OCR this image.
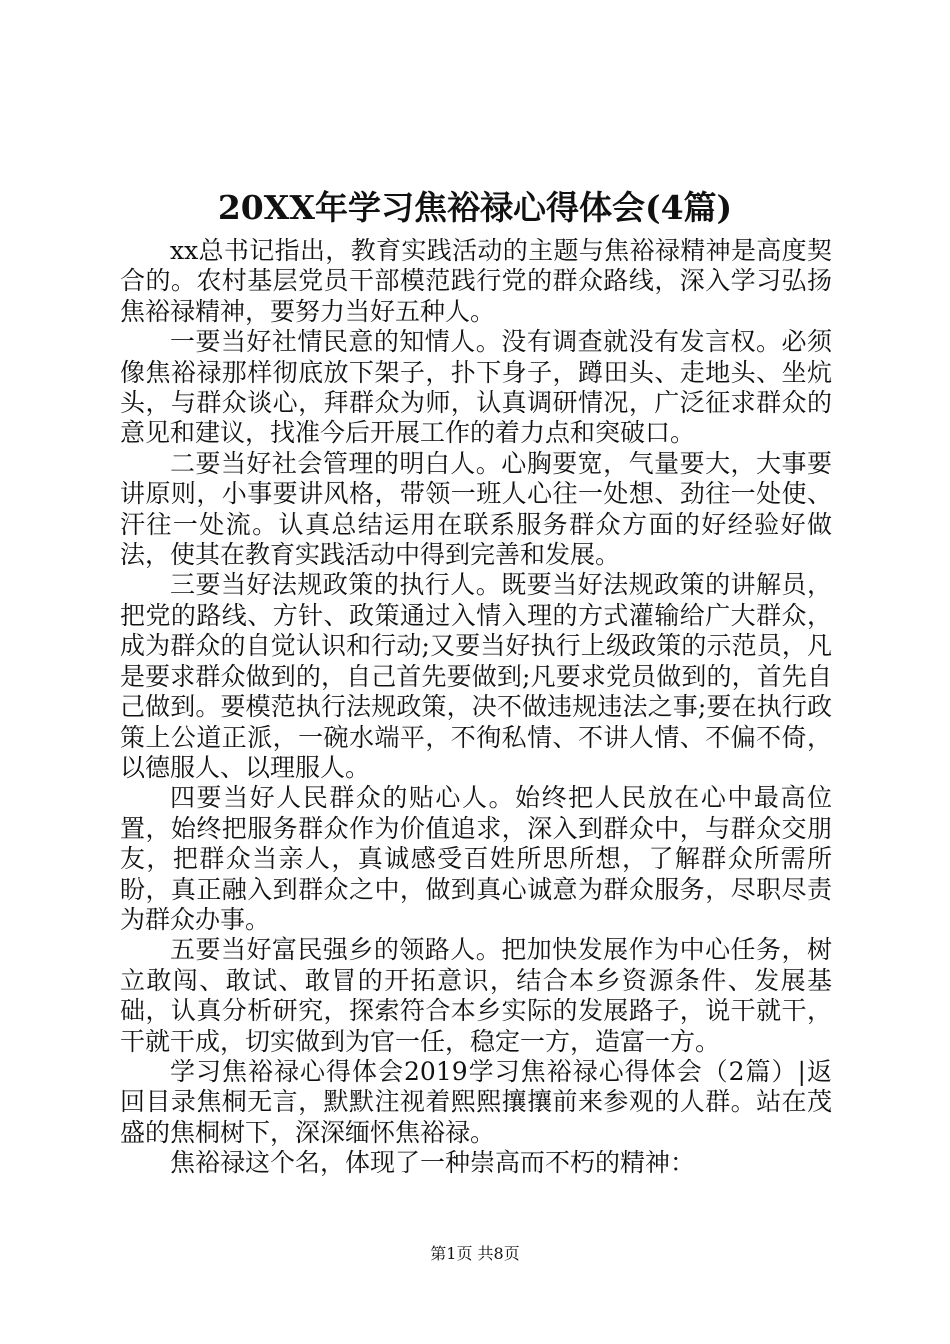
20XX年学习焦裕禄心得体会(4篇)

xx总书记指出，教育实践活动的主题与焦裕禄精神是高度契合的。农村基层党员干部模范践行党的群众路线，深入学习弘扬焦裕禄精神，要努力当好五种人。

一要当好社情民意的知情人。没有调查就没有发言权。必须像焦裕禄那样彻底放下架子，扑下身子，蹲田头、走地头、坐炕头，与群众谈心，拜群众为师，认真调研情况，广泛征求群众的意见和建议，找准今后开展工作的着力点和突破口。

二要当好社会管理的明白人。心胸要宽，气量要大，大事要讲原则，小事要讲风格，带领一班人心往一处想、劲往一处使、汗往一处流。认真总结运用在联系服务群众方面的好经验好做法，使其在教育实践活动中得到完善和发展。

三要当好法规政策的执行人。既要当好法规政策的讲解员，把党的路线、方针、政策通过入情入理的方式灌输给广大群众，成为群众的自觉认识和行动;又要当好执行上级政策的示范员，凡是要求群众做到的，自己首先要做到;凡要求党员做到的，首先自己做到。要模范执行法规政策，决不做违规违法之事;要在执行政策上公道正派，一碗水端平，不徇私情、不讲人情、不偏不倚，以德服人、以理服人。

四要当好人民群众的贴心人。始终把人民放在心中最高位置，始终把服务群众作为价值追求，深入到群众中，与群众交朋友，把群众当亲人，真诚感受百姓所思所想，了解群众所需所盼，真正融入到群众之中，做到真心诚意为群众服务，尽职尽责为群众办事。

五要当好富民强乡的领路人。把加快发展作为中心任务，树立敢闯、敢试、敢冒的开拓意识，结合本乡资源条件、发展基础，认真分析研究，探索符合本乡实际的发展路子，说干就干，干就干成，切实做到为官一任，稳定一方，造富一方。

学习焦裕禄心得体会2019学习焦裕禄心得体会（2篇）|返回目录焦桐无言，默默注视着熙熙攘攘前来参观的人群。站在茂盛的焦桐树下，深深缅怀焦裕禄。

焦裕禄这个名，体现了一种崇高而不朽的精神：

第1页 共8页
